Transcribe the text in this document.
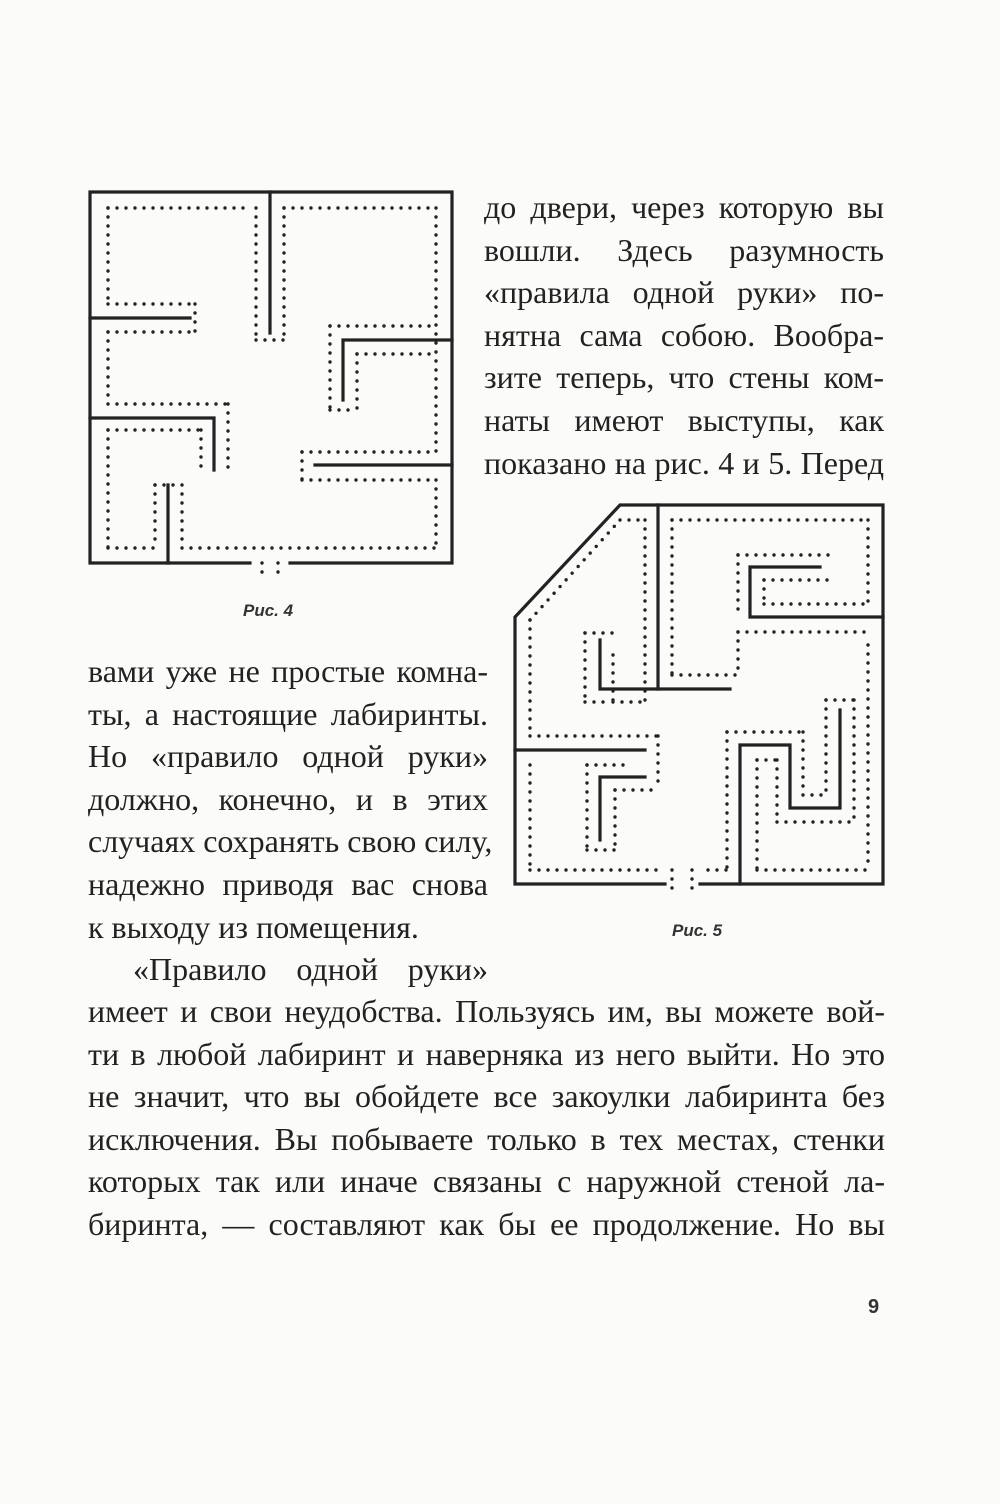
Рис. 4
Рис. 5
до двери, через которую вы
вошли. Здесь разумность
«правила одной руки» по-
нятна сама собою. Вообра-
зите теперь, что стены ком-
наты имеют выступы, как
показано на рис. 4 и 5. Перед
вами уже не простые комна-
ты, а настоящие лабиринты.
Но «правило одной руки»
должно, конечно, и в этих
случаях сохранять свою силу,
надежно приводя вас снова
к выходу из помещения.
«Правило одной руки»
имеет и свои неудобства. Пользуясь им, вы можете вой-
ти в любой лабиринт и наверняка из него выйти. Но это
не значит, что вы обойдете все закоулки лабиринта без
исключения. Вы побываете только в тех местах, стенки
которых так или иначе связаны с наружной стеной ла-
биринта, — составляют как бы ее продолжение. Но вы
9
